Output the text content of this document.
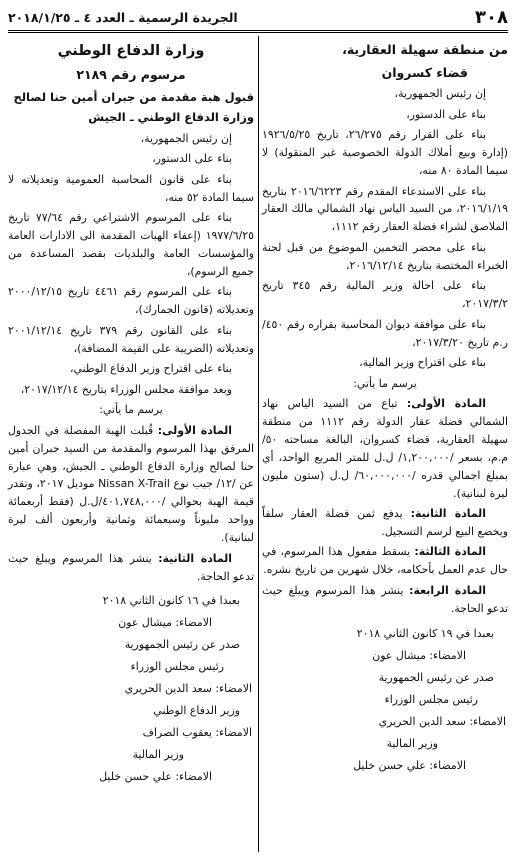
٣٠٨
الجريدة الرسمية ـ العدد ٤ ـ ٢٠١٨/١/٢٥

من منطقة سهيلة العقارية،

قضاء كسروان

إن رئيس الجمهورية،

بناء على الدستور،

بناء على القرار رقم ٢٦/٢٧٥، تاريخ ١٩٢٦/٥/٢٥ (إدارة وبيع أملاك الدولة الخصوصية غير المنقولة) لا سيما المادة ٨٠ منه،

بناء على الاستدعاء المقدم رقم ٢٠١٦/٦٢٢٣ بتاريخ ٢٠١٦/١/١٩، من السيد الياس نهاد الشمالي مالك العقار الملاصق لشراء فضلة العقار رقم ١١١٢،

بناء على محضر التخمين الموضوع من قبل لجنة الخبراء المختصة بتاريخ ٢٠١٦/١٢/١٤،

بناء على احالة وزير المالية رقم ٣٤٥ تاريخ ٢٠١٧/٣/٢،

بناء على موافقة ديوان المحاسبة بقراره رقم ٤٥٠/ر.م تاريخ ٢٠١٧/٣/٢٠،

بناء على اقتراح وزير المالية،

يرسم ما يأتي:

المادة الأولى: تباع من السيد الياس نهاد الشمالي فضلة عقار الدولة رقم ١١١٢ من منطقة سهيلة العقارية، قضاء كسروان، البالغة مساحته ٥٠/ م.م، بسعر /١,٢٠٠,٠٠٠/ ل.ل للمتر المربع الواحد، أي بمبلغ اجمالي قدره /٦٠,٠٠٠,٠٠٠/ ل.ل (ستون مليون ليرة لبنانية).

المادة الثانية: يدفع ثمن فضلة العقار سلفاً ويخضع البيع لرسم التسجيل.

المادة الثالثة: يسقط مفعول هذا المرسوم، في حال عدم العمل بأحكامه، خلال شهرين من تاريخ نشره.

المادة الرابعة: ينشر هذا المرسوم ويبلغ حيث تدعو الحاجة.

بعبدا في ١٩ كانون الثاني ٢٠١٨

الامضاء: ميشال عون

صدر عن رئيس الجمهورية

رئيس مجلس الوزراء

الامضاء: سعد الدين الحريري

وزير المالية

الامضاء: علي حسن خليل

وزارة الدفاع الوطني

مرسوم رقم ٢١٨٩

قبول هبة مقدمة من جبران أمين حنا لصالح وزارة الدفاع الوطني ـ الجيش

إن رئيس الجمهورية،

بناء على الدستور،

بناء على قانون المحاسبة العمومية وتعديلاته لا سيما المادة ٥٢ منه،

بناء على المرسوم الاشتراعي رقم ٧٧/٦٤ تاريخ ١٩٧٧/٦/٢٥ (إعفاء الهبات المقدمة الى الادارات العامة والمؤسسات العامة والبلديات بقصد المساعدة من جميع الرسوم)،

بناء على المرسوم رقم ٤٤٦١ تاريخ ٢٠٠٠/١٢/١٥ وتعديلاته (قانون الجمارك)،

بناء على القانون رقم ٣٧٩ تاريخ ٢٠٠١/١٢/١٤ وتعديلاته (الضريبة على القيمة المضافة)،

بناء على اقتراح وزير الدفاع الوطني،

وبعد موافقة مجلس الوزراء بتاريخ ٢٠١٧/١٢/١٤،

يرسم ما يأتي:

المادة الأولى: قُبلت الهبة المفصلة في الجدول المرفق بهذا المرسوم والمقدمة من السيد جبران أمين حنا لصالح وزارة الدفاع الوطني ـ الجيش، وهي عبارة عن /١٢/ جيب نوع Nissan X-Trail موديل ٢٠١٧، وتقدر قيمة الهبة بحوالي /٤٠١,٧٤٨,٠٠٠/ل.ل (فقط أربعمائة وواحد مليوناً وسبعمائة وثمانية وأربعون ألف ليرة لبنانية).

المادة الثانية: ينشر هذا المرسوم ويبلغ حيث تدعو الحاجة.

بعبدا في ١٦ كانون الثاني ٢٠١٨

الامضاء: ميشال عون

صدر عن رئيس الجمهورية

رئيس مجلس الوزراء

الامضاء: سعد الدين الحريري

وزير الدفاع الوطني

الامضاء: يعقوب الصراف

وزير المالية

الامضاء: علي حسن خليل
